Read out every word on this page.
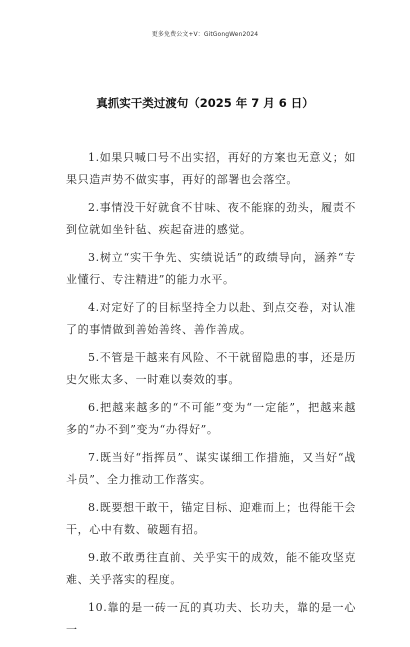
更多免费公文+V：GitGongWen2024
真抓实干类过渡句（2025 年 7 月 6 日）

1.如果只喊口号不出实招，再好的方案也无意义；如果只造声势不做实事，再好的部署也会落空。

2.事情没干好就食不甘味、夜不能寐的劲头，履责不到位就如坐针毡、疾起奋进的感觉。

3.树立“实干争先、实绩说话”的政绩导向，涵养“专业懂行、专注精进”的能力水平。

4.对定好了的目标坚持全力以赴、到点交卷，对认准了的事情做到善始善终、善作善成。

5.不管是干越来有风险、不干就留隐患的事，还是历史欠账太多、一时难以奏效的事。

6.把越来越多的“不可能”变为“一定能”，把越来越多的“办不到”变为“办得好”。

7.既当好“指挥员”、谋实谋细工作措施，又当好“战斗员”、全力推动工作落实。

8.既要想干敢干，锚定目标、迎难而上；也得能干会干，心中有数、破题有招。

9.敢不敢勇往直前、关乎实干的成效，能不能攻坚克难、关乎落实的程度。

10.靠的是一砖一瓦的真功夫、长功夫，靠的是一心一
